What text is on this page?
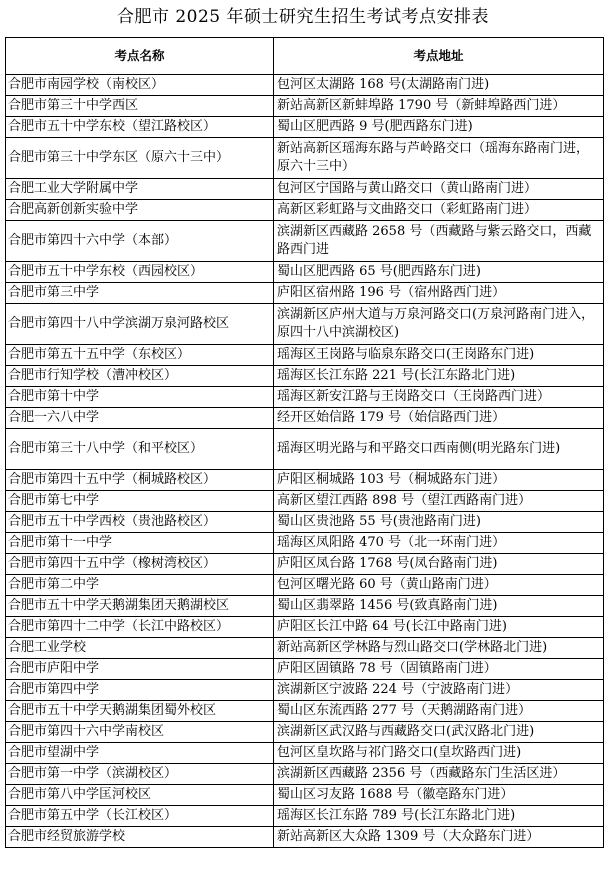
合肥市 2025 年硕士研究生招生考试考点安排表
考点名称	考点地址
合肥市南园学校（南校区）	包河区太湖路 168 号(太湖路南门进)
合肥市第三十中学西区	新站高新区新蚌埠路 1790 号（新蚌埠路西门进）
合肥市五十中学东校（望江路校区）	蜀山区肥西路 9 号(肥西路东门进)
合肥市第三十中学东区（原六十三中）	新站高新区瑶海东路与芦岭路交口（瑶海东路南门进，原六十三中）
合肥工业大学附属中学	包河区宁国路与黄山路交口（黄山路南门进）
合肥高新创新实验中学	高新区彩虹路与文曲路交口（彩虹路南门进）
合肥市第四十六中学（本部）	滨湖新区西藏路 2658 号（西藏路与紫云路交口，西藏路西门进
合肥市五十中学东校（西园校区）	蜀山区肥西路 65 号(肥西路东门进)
合肥市第三中学	庐阳区宿州路 196 号（宿州路西门进）
合肥市第四十八中学滨湖万泉河路校区	滨湖新区庐州大道与万泉河路交口(万泉河路南门进入，原四十八中滨湖校区)
合肥市第五十五中学（东校区）	瑶海区王岗路与临泉东路交口(王岗路东门进)
合肥市行知学校（漕冲校区）	瑶海区长江东路 221 号(长江东路北门进)
合肥市第十中学	瑶海区新安江路与王岗路交口（王岗路西门进）
合肥一六八中学	经开区始信路 179 号（始信路西门进）
合肥市第三十八中学（和平校区）	瑶海区明光路与和平路交口西南侧(明光路东门进)
合肥市第四十五中学（桐城路校区）	庐阳区桐城路 103 号（桐城路东门进）
合肥市第七中学	高新区望江西路 898 号（望江西路南门进）
合肥市五十中学西校（贵池路校区）	蜀山区贵池路 55 号(贵池路南门进)
合肥市第十一中学	瑶海区凤阳路 470 号（北一环南门进）
合肥市第四十五中学（橡树湾校区）	庐阳区凤台路 1768 号(凤台路南门进)
合肥市第二中学	包河区曙光路 60 号（黄山路南门进）
合肥市五十中学天鹅湖集团天鹅湖校区	蜀山区翡翠路 1456 号(致真路南门进)
合肥市第四十二中学（长江中路校区）	庐阳区长江中路 64 号(长江中路南门进)
合肥工业学校	新站高新区学林路与烈山路交口(学林路北门进)
合肥市庐阳中学	庐阳区固镇路 78 号（固镇路南门进）
合肥市第四中学	滨湖新区宁波路 224 号（宁波路南门进）
合肥市五十中学天鹅湖集团蜀外校区	蜀山区东流西路 277 号（天鹅湖路南门进）
合肥市第四十六中学南校区	滨湖新区武汉路与西藏路交口(武汉路北门进)
合肥市望湖中学	包河区皇坎路与祁门路交口(皇坎路西门进)
合肥市第一中学（滨湖校区）	滨湖新区西藏路 2356 号（西藏路东门生活区进）
合肥市第八中学匡河校区	蜀山区习友路 1688 号（徽亳路东门进）
合肥市第五中学（长江校区）	瑶海区长江东路 789 号(长江东路北门进)
合肥市经贸旅游学校	新站高新区大众路 1309 号（大众路东门进）
